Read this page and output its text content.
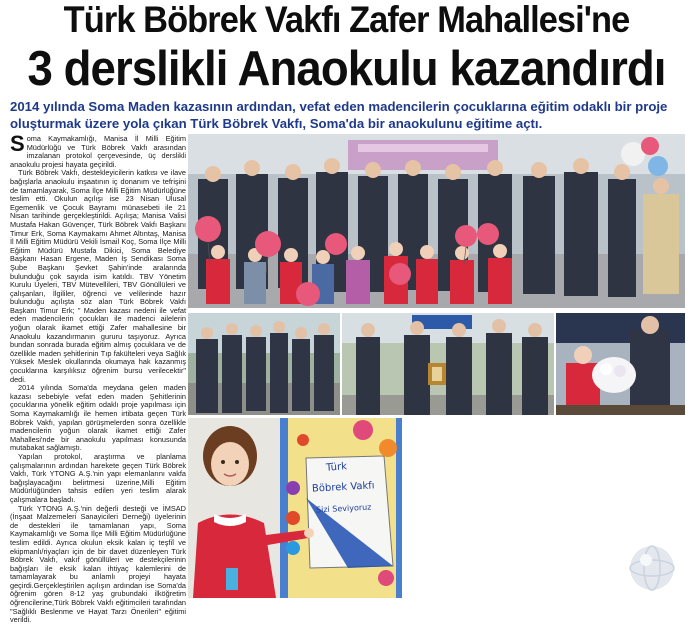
Türk Böbrek Vakfı Zafer Mahallesi'ne
3 derslikli Anaokulu kazandırdı
2014 yılında Soma Maden kazasının ardından, vefat eden madencilerin çocuklarına eğitim odaklı bir proje oluşturmak üzere yola çıkan Türk Böbrek Vakfı, Soma'da bir anaokulunu eğitime açtı.

Soma Kaymakamlığı, Manisa İl Milli Eğitim Müdürlüğü ve Türk Böbrek Vakfı arasından imzalanan protokol çerçevesinde, üç derslikli anaokulu projesi hayata geçirildi.

Türk Böbrek Vakfı, destekleyicilerin katkısı ve ilave bağışlarla anaokulu inşaatının iç donanım ve tefrişini de tamamlayarak, Soma İlçe Milli Eğitim Müdürlüğüne teslim etti. Okulun açılışı ise 23 Nisan Ulusal Egemenlik ve Çocuk Bayramı münasebeti ile 21 Nisan tarihinde gerçekleştirildi. Açılışa; Manisa Valisi Mustafa Hakan Güvençer, Türk Böbrek Vakfı Başkanı Timur Erk, Soma Kaymakamı Ahmet Altıntaş, Manisa İl Milli Eğitim Müdürü Vekili İsmail Koç, Soma İlçe Milli Eğitim Müdürü Mustafa Dikici, Soma Belediye Başkanı Hasan Ergene, Maden İş Sendikası Soma Şube Başkanı Şevket Şahin'inde aralarında bulunduğu çok sayıda isim katıldı. TBV Yönetim Kurulu Üyeleri, TBV Mütevellileri, TBV Gönüllüleri ve çalışanları, İlgililer, öğrenci ve velilerinde hazır bulunduğu açılışta söz alan Türk Böbrek Vakfı Başkanı Timur Erk; " Maden kazası nedeni ile vefat eden madencilerin çocukları ile madenci ailelerin yoğun olarak ikamet ettiği Zafer mahallesine bir Anaokulu kazandırmanın gururu taşıyoruz. Ayrıca bundan sonrada burada eğitim almış çocuklara ve de özellikle maden şehitlerinin Tıp fakülteleri veya Sağlık Yüksek Meslek okullarında okumaya hak kazanmış çocuklarına karşılıksız öğrenim bursu verilecektir" dedi.

2014 yılında Soma'da meydana gelen maden kazası sebebiyle vefat eden maden Şehitlerinin çocuklarına yönelik eğitim odaklı proje yapılması için Soma Kaymakamlığı ile hemen irtibata geçen Türk Böbrek Vakfı, yapılan görüşmelerden sonra özellikle madencilerin yoğun olarak ikamet ettiği Zafer Mahallesi'nde bir anaokulu yapılması konusunda mutabakat sağlamıştı.

Yapılan protokol, araştırma ve planlama çalışmalarının ardından harekete geçen Türk Böbrek Vakfı, Türk YTONG A.Ş.'nin yapı elemanlarını vakfa bağışlayacağını belirtmesi üzerine,Milli Eğitim Müdürlüğünden tahsis edilen yeri teslim alarak çalışmalara başladı.

Türk YTONG A.Ş.'nin değerli desteği ve İMSAD (İnşaat Malzemeleri Sanayicileri Derneği) üyelerinin de destekleri ile tamamlanan yapı, Soma Kaymakamlığı ve Soma İlçe Milli Eğitim Müdürlüğüne teslim edildi. Ayrıca okulun eksik kalan iç teşfiî ve ekipmanlı/riyaçları için de bir davet düzenleyen Türk Böbrek Vakfı, vakıf gönüllüleri ve destekçilerinin bağışları ile eksik kalan ihtiyaç kalemlerini de tamamlayarak bu anlamlı projeyi hayata geçirdi.Gerçekleştirilen açılışın ardından ise Soma'da öğrenim gören 8-12 yaş grubundaki ilköğretim öğrencilerine,Türk Böbrek Vakfı eğitimcileri tarafından "Sağlıklı Beslenme ve Hayat Tarzı Önerileri" eğitimi verildi.

Türk
Böbrek Vakfı
Sizi Seviyoruz
